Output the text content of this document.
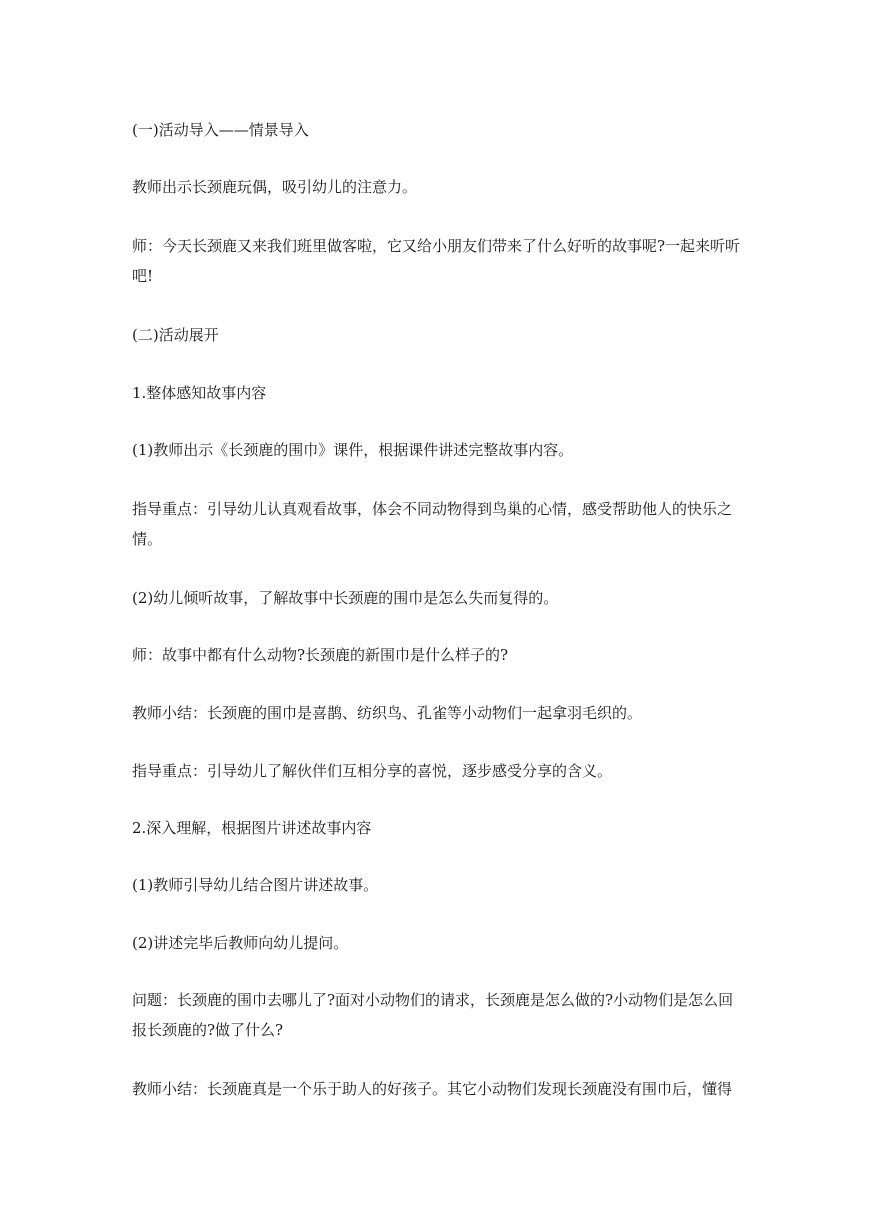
(一)活动导入——情景导入

教师出示长颈鹿玩偶，吸引幼儿的注意力。

师：今天长颈鹿又来我们班里做客啦，它又给小朋友们带来了什么好听的故事呢?一起来听听吧!

(二)活动展开

1.整体感知故事内容

(1)教师出示《长颈鹿的围巾》课件，根据课件讲述完整故事内容。

指导重点：引导幼儿认真观看故事，体会不同动物得到鸟巢的心情，感受帮助他人的快乐之情。

(2)幼儿倾听故事，了解故事中长颈鹿的围巾是怎么失而复得的。

师：故事中都有什么动物?长颈鹿的新围巾是什么样子的?

教师小结：长颈鹿的围巾是喜鹊、纺织鸟、孔雀等小动物们一起拿羽毛织的。

指导重点：引导幼儿了解伙伴们互相分享的喜悦，逐步感受分享的含义。

2.深入理解，根据图片讲述故事内容

(1)教师引导幼儿结合图片讲述故事。

(2)讲述完毕后教师向幼儿提问。

问题：长颈鹿的围巾去哪儿了?面对小动物们的请求，长颈鹿是怎么做的?小动物们是怎么回报长颈鹿的?做了什么?

教师小结：长颈鹿真是一个乐于助人的好孩子。其它小动物们发现长颈鹿没有围巾后，懂得
